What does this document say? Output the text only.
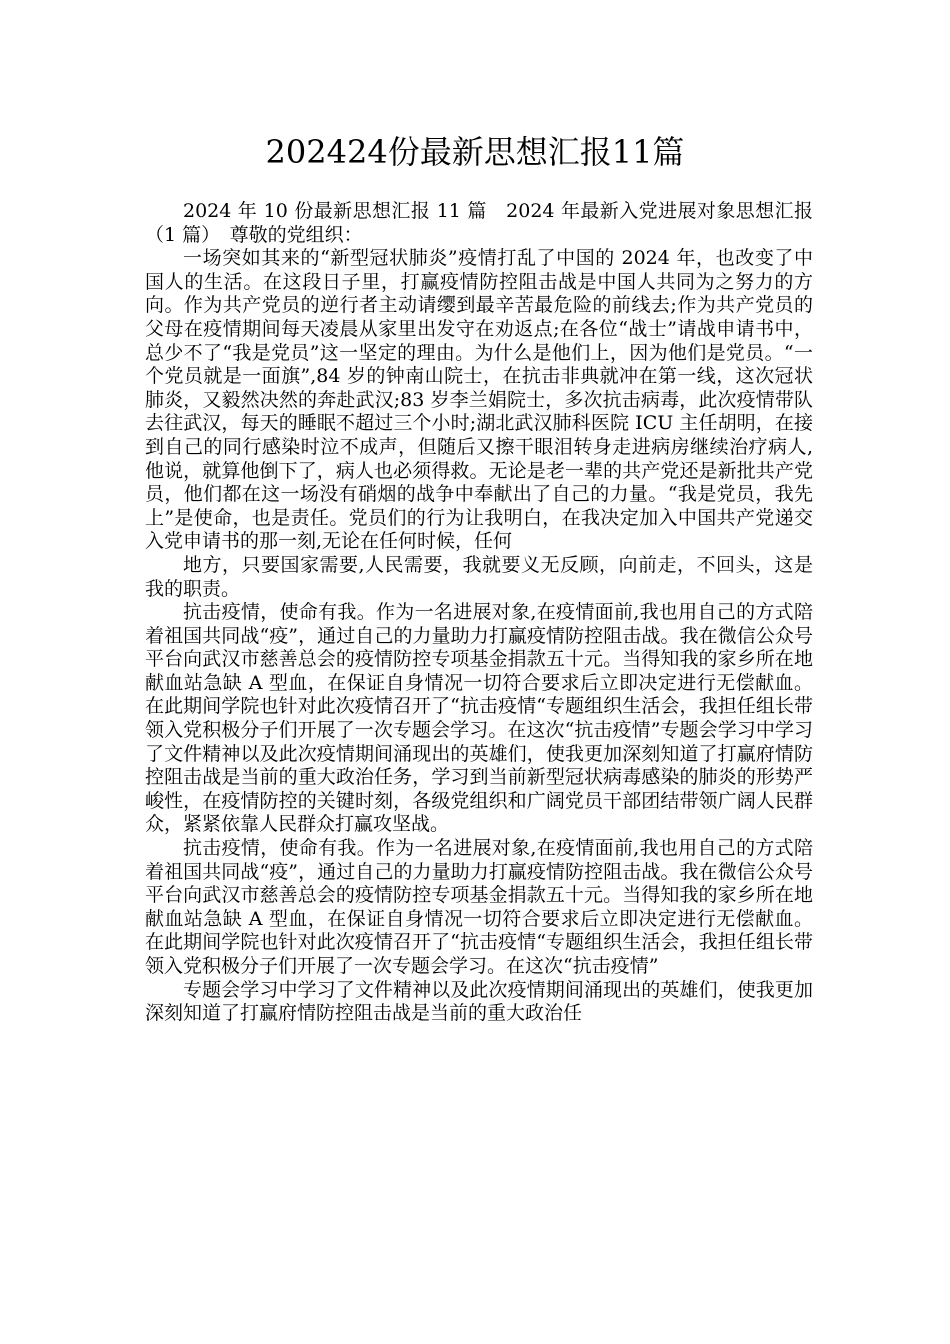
202424份最新思想汇报11篇

2024 年 10 份最新思想汇报 11 篇　2024 年最新入党进展对象思想汇报（1 篇）　尊敬的党组织：

一场突如其来的“新型冠状肺炎”疫情打乱了中国的 2024 年，也改变了中国人的生活。在这段日子里，打赢疫情防控阻击战是中国人共同为之努力的方向。作为共产党员的逆行者主动请缨到最辛苦最危险的前线去;作为共产党员的父母在疫情期间每天凌晨从家里出发守在劝返点;在各位“战士”请战申请书中，总少不了“我是党员”这一坚定的理由。为什么是他们上，因为他们是党员。“一个党员就是一面旗”,84 岁的钟南山院士，在抗击非典就冲在第一线，这次冠状肺炎，又毅然决然的奔赴武汉;83 岁李兰娟院士，多次抗击病毒，此次疫情带队去往武汉，每天的睡眠不超过三个小时;湖北武汉肺科医院 ICU 主任胡明，在接到自己的同行感染时泣不成声，但随后又擦干眼泪转身走进病房继续治疗病人,他说，就算他倒下了，病人也必须得救。无论是老一辈的共产党还是新批共产党员，他们都在这一场没有硝烟的战争中奉献出了自己的力量。“我是党员，我先上”是使命，也是责任。党员们的行为让我明白，在我决定加入中国共产党递交入党申请书的那一刻,无论在任何时候，任何

地方，只要国家需要,人民需要，我就要义无反顾，向前走，不回头，这是我的职责。

抗击疫情，使命有我。作为一名进展对象,在疫情面前,我也用自己的方式陪着祖国共同战“疫”，通过自己的力量助力打赢疫情防控阻击战。我在微信公众号平台向武汉市慈善总会的疫情防控专项基金捐款五十元。当得知我的家乡所在地献血站急缺 A 型血，在保证自身情况一切符合要求后立即决定进行无偿献血。在此期间学院也针对此次疫情召开了“抗击疫情“专题组织生活会，我担任组长带领入党积极分子们开展了一次专题会学习。在这次“抗击疫情”专题会学习中学习了文件精神以及此次疫情期间涌现出的英雄们，使我更加深刻知道了打赢府情防控阻击战是当前的重大政治任务，学习到当前新型冠状病毒感染的肺炎的形势严峻性，在疫情防控的关键时刻，各级党组织和广阔党员干部团结带领广阔人民群众，紧紧依靠人民群众打赢攻坚战。

抗击疫情，使命有我。作为一名进展对象,在疫情面前,我也用自己的方式陪着祖国共同战“疫”，通过自己的力量助力打赢疫情防控阻击战。我在微信公众号平台向武汉市慈善总会的疫情防控专项基金捐款五十元。当得知我的家乡所在地献血站急缺 A 型血，在保证自身情况一切符合要求后立即决定进行无偿献血。在此期间学院也针对此次疫情召开了“抗击疫情“专题组织生活会，我担任组长带领入党积极分子们开展了一次专题会学习。在这次“抗击疫情”

专题会学习中学习了文件精神以及此次疫情期间涌现出的英雄们，使我更加深刻知道了打赢府情防控阻击战是当前的重大政治任
